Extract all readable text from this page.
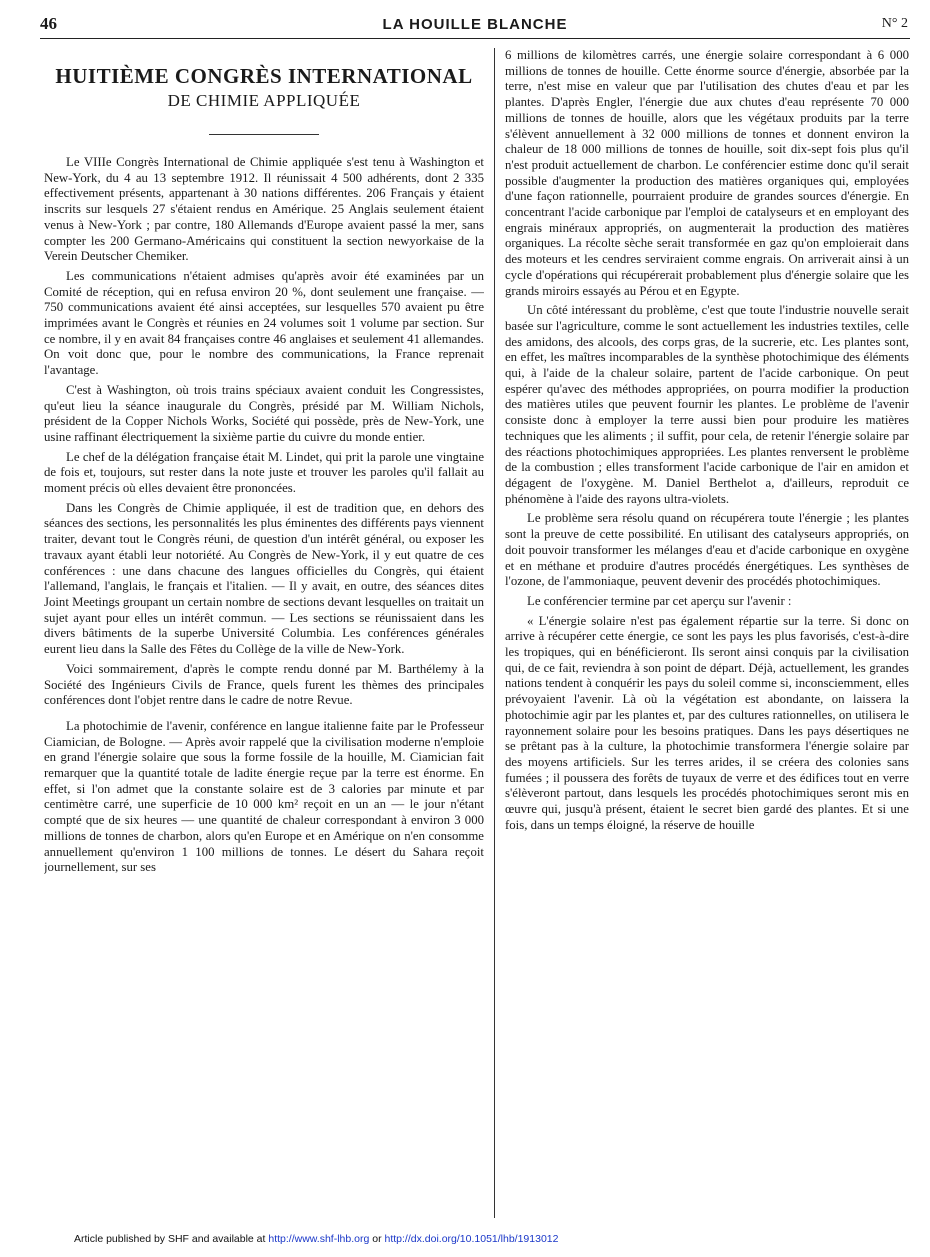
46	LA HOUILLE BLANCHE	N° 2
HUITIÈME CONGRÈS INTERNATIONAL
DE CHIMIE APPLIQUÉE

Le VIIIe Congrès International de Chimie appliquée s'est tenu à Washington et New-York, du 4 au 13 septembre 1912. Il réunissait 4 500 adhérents, dont 2 335 effectivement présents, appartenant à 30 nations différentes. 206 Français y étaient inscrits sur lesquels 27 s'étaient rendus en Amérique. 25 Anglais seulement étaient venus à New-York ; par contre, 180 Allemands d'Europe avaient passé la mer, sans compter les 200 Germano-Américains qui constituent la section newyorkaise de la Verein Deutscher Chemiker.

Les communications n'étaient admises qu'après avoir été examinées par un Comité de réception, qui en refusa environ 20 %, dont seulement une française. — 750 communications avaient été ainsi acceptées, sur lesquelles 570 avaient pu être imprimées avant le Congrès et réunies en 24 volumes soit 1 volume par section. Sur ce nombre, il y en avait 84 françaises contre 46 anglaises et seulement 41 allemandes. On voit donc que, pour le nombre des communications, la France reprenait l'avantage.

C'est à Washington, où trois trains spéciaux avaient conduit les Congressistes, qu'eut lieu la séance inaugurale du Congrès, présidé par M. William Nichols, président de la Copper Nichols Works, Société qui possède, près de New-York, une usine raffinant électriquement la sixième partie du cuivre du monde entier.

Le chef de la délégation française était M. Lindet, qui prit la parole une vingtaine de fois et, toujours, sut rester dans la note juste et trouver les paroles qu'il fallait au moment précis où elles devaient être prononcées.

Dans les Congrès de Chimie appliquée, il est de tradition que, en dehors des séances des sections, les personnalités les plus éminentes des différents pays viennent traiter, devant tout le Congrès réuni, de question d'un intérêt général, ou exposer les travaux ayant établi leur notoriété. Au Congrès de New-York, il y eut quatre de ces conférences : une dans chacune des langues officielles du Congrès, qui étaient l'allemand, l'anglais, le français et l'italien. — Il y avait, en outre, des séances dites Joint Meetings groupant un certain nombre de sections devant lesquelles on traitait un sujet ayant pour elles un intérêt commun. — Les sections se réunissaient dans les divers bâtiments de la superbe Université Columbia. Les conférences générales eurent lieu dans la Salle des Fêtes du Collège de la ville de New-York.

Voici sommairement, d'après le compte rendu donné par M. Barthélemy à la Société des Ingénieurs Civils de France, quels furent les thèmes des principales conférences dont l'objet rentre dans le cadre de notre Revue.

La photochimie de l'avenir, conférence en langue italienne faite par le Professeur Ciamician, de Bologne. — Après avoir rappelé que la civilisation moderne n'emploie en grand l'énergie solaire que sous la forme fossile de la houille, M. Ciamician fait remarquer que la quantité totale de ladite énergie reçue par la terre est énorme. En effet, si l'on admet que la constante solaire est de 3 calories par minute et par centimètre carré, une superficie de 10 000 km² reçoit en un an — le jour n'étant compté que de six heures — une quantité de chaleur correspondant à environ 3 000 millions de tonnes de charbon, alors qu'en Europe et en Amérique on n'en consomme annuellement qu'environ 1 100 millions de tonnes. Le désert du Sahara reçoit journellement, sur ses

6 millions de kilomètres carrés, une énergie solaire correspondant à 6 000 millions de tonnes de houille. Cette énorme source d'énergie, absorbée par la terre, n'est mise en valeur que par l'utilisation des chutes d'eau et par les plantes. D'après Engler, l'énergie due aux chutes d'eau représente 70 000 millions de tonnes de houille, alors que les végétaux produits par la terre s'élèvent annuellement à 32 000 millions de tonnes et donnent environ la chaleur de 18 000 millions de tonnes de houille, soit dix-sept fois plus qu'il n'est produit actuellement de charbon. Le conférencier estime donc qu'il serait possible d'augmenter la production des matières organiques qui, employées d'une façon rationnelle, pourraient produire de grandes sources d'énergie. En concentrant l'acide carbonique par l'emploi de catalyseurs et en employant des engrais minéraux appropriés, on augmenterait la production des matières organiques. La récolte sèche serait transformée en gaz qu'on emploierait dans des moteurs et les cendres serviraient comme engrais. On arriverait ainsi à un cycle d'opérations qui récupérerait probablement plus d'énergie solaire que les grands miroirs essayés au Pérou et en Egypte.

Un côté intéressant du problème, c'est que toute l'industrie nouvelle serait basée sur l'agriculture, comme le sont actuellement les industries textiles, celle des amidons, des alcools, des corps gras, de la sucrerie, etc. Les plantes sont, en effet, les maîtres incomparables de la synthèse photochimique des éléments qui, à l'aide de la chaleur solaire, partent de l'acide carbonique. On peut espérer qu'avec des méthodes appropriées, on pourra modifier la production des matières utiles que peuvent fournir les plantes. Le problème de l'avenir consiste donc à employer la terre aussi bien pour produire les matières techniques que les aliments ; il suffit, pour cela, de retenir l'énergie solaire par des réactions photochimiques appropriées. Les plantes renversent le problème de la combustion ; elles transforment l'acide carbonique de l'air en amidon et dégagent de l'oxygène. M. Daniel Berthelot a, d'ailleurs, reproduit ce phénomène à l'aide des rayons ultra-violets.

Le problème sera résolu quand on récupérera toute l'énergie ; les plantes sont la preuve de cette possibilité. En utilisant des catalyseurs appropriés, on doit pouvoir transformer les mélanges d'eau et d'acide carbonique en oxygène et en méthane et produire d'autres procédés énergétiques. Les synthèses de l'ozone, de l'ammoniaque, peuvent devenir des procédés photochimiques.

Le conférencier termine par cet aperçu sur l'avenir :

« L'énergie solaire n'est pas également répartie sur la terre. Si donc on arrive à récupérer cette énergie, ce sont les pays les plus favorisés, c'est-à-dire les tropiques, qui en bénéficieront. Ils seront ainsi conquis par la civilisation qui, de ce fait, reviendra à son point de départ. Déjà, actuellement, les grandes nations tendent à conquérir les pays du soleil comme si, inconsciemment, elles prévoyaient l'avenir. Là où la végétation est abondante, on laissera la photochimie agir par les plantes et, par des cultures rationnelles, on utilisera le rayonnement solaire pour les besoins pratiques. Dans les pays désertiques ne se prêtant pas à la culture, la photochimie transformera l'énergie solaire par des moyens artificiels. Sur les terres arides, il se créera des colonies sans fumées ; il poussera des forêts de tuyaux de verre et des édifices tout en verre s'élèveront partout, dans lesquels les procédés photochimiques seront mis en œuvre qui, jusqu'à présent, étaient le secret bien gardé des plantes. Et si une fois, dans un temps éloigné, la réserve de houille

Article published by SHF and available at http://www.shf-lhb.org or http://dx.doi.org/10.1051/lhb/1913012
